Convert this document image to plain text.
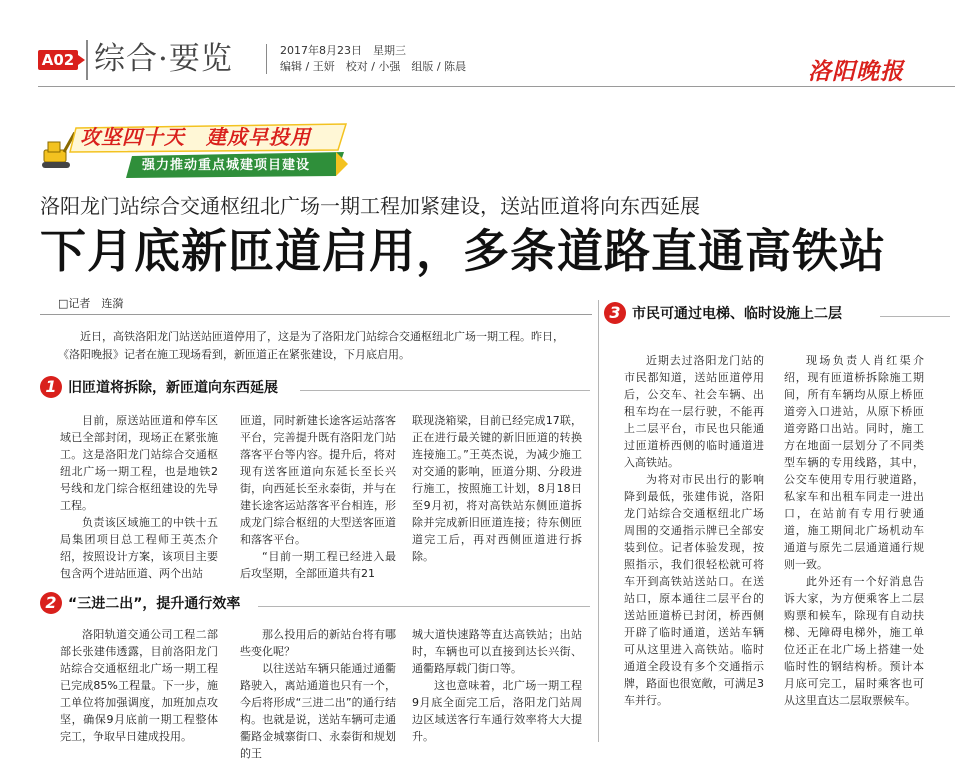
A02 综合·要览	2017年8月23日　星期三
编辑 / 王妍　校对 / 小强　组版 / 陈晨	洛阳晚报
攻坚四十天　建成早投用
强力推动重点城建项目建设
洛阳龙门站综合交通枢纽北广场一期工程加紧建设，送站匝道将向东西延展
下月底新匝道启用，多条道路直通高铁站
□记者　连漪

近日，高铁洛阳龙门站送站匝道停用了，这是为了洛阳龙门站综合交通枢纽北广场一期工程。昨日，《洛阳晚报》记者在施工现场看到，新匝道正在紧张建设，下月底启用。

1 旧匝道将拆除，新匝道向东西延展

目前，原送站匝道和停车区域已全部封闭，现场正在紧张施工。这是洛阳龙门站综合交通枢纽北广场一期工程，也是地铁2号线和龙门综合枢纽建设的先导工程。

负责该区域施工的中铁十五局集团项目总工程师王英杰介绍，按照设计方案，该项目主要包含两个进站匝道、两个出站

匝道，同时新建长途客运站落客平台，完善提升既有洛阳龙门站落客平台等内容。提升后，将对现有送客匝道向东延长至长兴街，向西延长至永泰街，并与在建长途客运站落客平台相连，形成龙门综合枢纽的大型送客匝道和落客平台。

“目前一期工程已经进入最后攻坚期，全部匝道共有21

联现浇箱梁，目前已经完成17联，正在进行最关键的新旧匝道的转换连接施工。”王英杰说，为减少施工对交通的影响，匝道分期、分段进行施工，按照施工计划，8月18日至9月初，将对高铁站东侧匝道拆除并完成新旧匝道连接；待东侧匝道完工后，再对西侧匝道进行拆除。

2 “三进二出”，提升通行效率

洛阳轨道交通公司工程二部部长张建伟透露，目前洛阳龙门站综合交通枢纽北广场一期工程已完成85%工程量。下一步，施工单位将加强调度，加班加点攻坚，确保9月底前一期工程整体完工，争取早日建成投用。

那么投用后的新站台将有哪些变化呢？

以往送站车辆只能通过通衢路驶入，离站通道也只有一个，今后将形成“三进二出”的通行结构。也就是说，送站车辆可走通衢路金城寨街口、永泰街和规划的王

城大道快速路等直达高铁站；出站时，车辆也可以直接到达长兴街、通衢路厚载门街口等。

这也意味着，北广场一期工程9月底全面完工后，洛阳龙门站周边区域送客行车通行效率将大大提升。

3 市民可通过电梯、临时设施上二层

近期去过洛阳龙门站的市民都知道，送站匝道停用后，公交车、社会车辆、出租车均在一层行驶，不能再上二层平台，市民也只能通过匝道桥西侧的临时通道进入高铁站。

为将对市民出行的影响降到最低，张建伟说，洛阳龙门站综合交通枢纽北广场周围的交通指示牌已全部安装到位。记者体验发现，按照指示，我们很轻松就可将车开到高铁站送站口。在送站口，原本通往二层平台的送站匝道桥已封闭，桥西侧开辟了临时通道，送站车辆可从这里进入高铁站。临时通道全段设有多个交通指示牌，路面也很宽敞，可满足3车并行。

现场负责人肖红渠介绍，现有匝道桥拆除施工期间，所有车辆均从原上桥匝道旁入口进站，从原下桥匝道旁路口出站。同时，施工方在地面一层划分了不同类型车辆的专用线路，其中，公交车使用专用行驶道路，私家车和出租车同走一进出口，在站前有专用行驶通道，施工期间北广场机动车通道与原先二层通道通行规则一致。

此外还有一个好消息告诉大家，为方便乘客上二层购票和候车，除现有自动扶梯、无障碍电梯外，施工单位还正在北广场上搭建一处临时性的钢结构桥。预计本月底可完工，届时乘客也可从这里直达二层取票候车。
